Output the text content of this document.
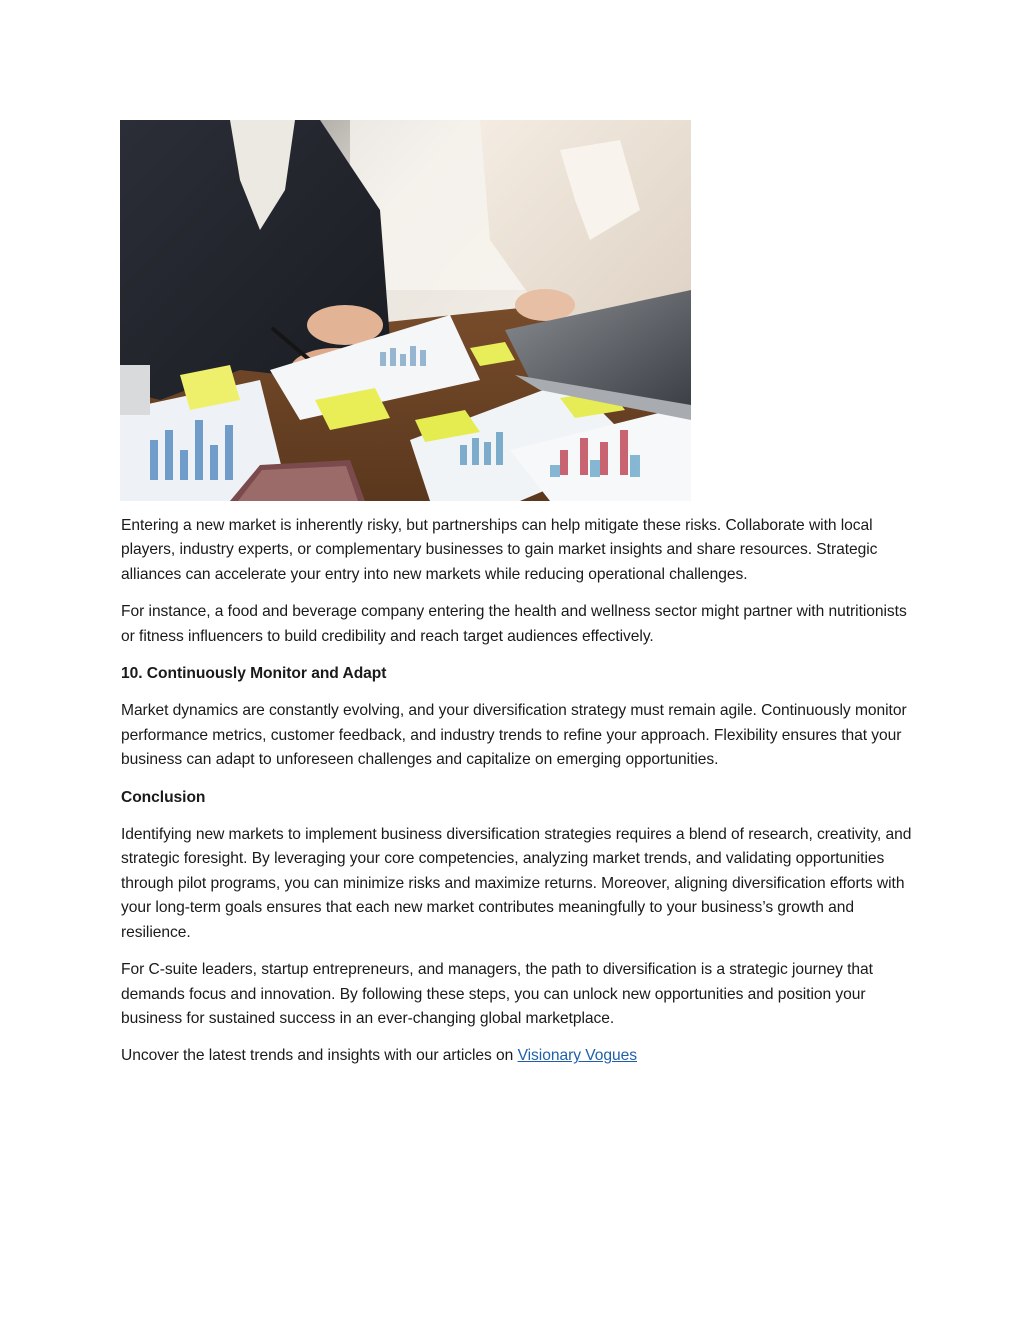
Entering a new market is inherently risky, but partnerships can help mitigate these risks. Collaborate with local players, industry experts, or complementary businesses to gain market insights and share resources. Strategic alliances can accelerate your entry into new markets while reducing operational challenges.

For instance, a food and beverage company entering the health and wellness sector might partner with nutritionists or fitness influencers to build credibility and reach target audiences effectively.

10. Continuously Monitor and Adapt

Market dynamics are constantly evolving, and your diversification strategy must remain agile. Continuously monitor performance metrics, customer feedback, and industry trends to refine your approach. Flexibility ensures that your business can adapt to unforeseen challenges and capitalize on emerging opportunities.

Conclusion

Identifying new markets to implement business diversification strategies requires a blend of research, creativity, and strategic foresight. By leveraging your core competencies, analyzing market trends, and validating opportunities through pilot programs, you can minimize risks and maximize returns. Moreover, aligning diversification efforts with your long-term goals ensures that each new market contributes meaningfully to your business’s growth and resilience.

For C-suite leaders, startup entrepreneurs, and managers, the path to diversification is a strategic journey that demands focus and innovation. By following these steps, you can unlock new opportunities and position your business for sustained success in an ever-changing global marketplace.

Uncover the latest trends and insights with our articles on Visionary Vogues
